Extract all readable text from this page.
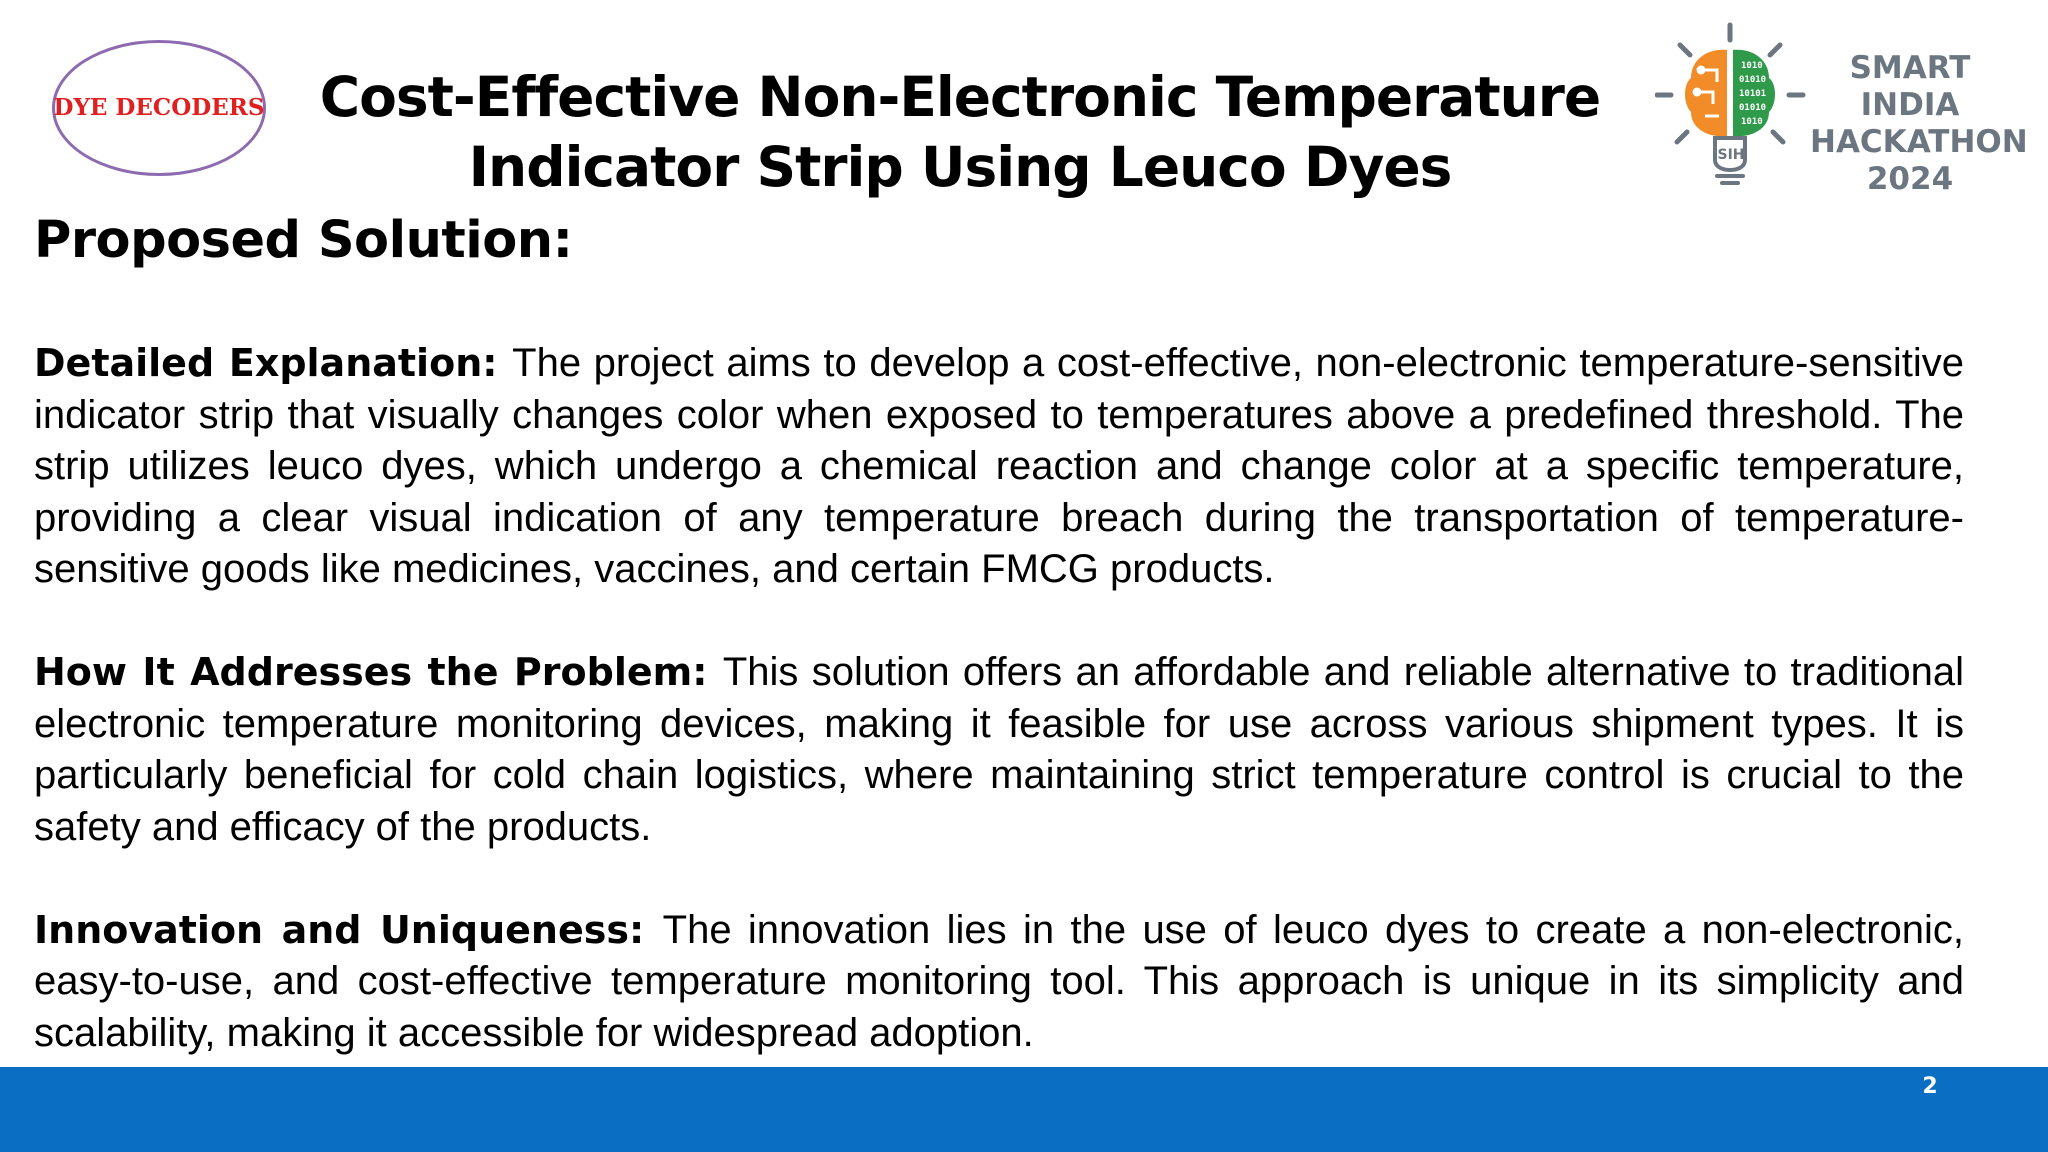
DYE DECODERS	Cost-Effective Non-Electronic Temperature Indicator Strip Using Leuco Dyes
1010
01010
10101
01010
1010
SIH
SMART INDIA
HACKATHON
2024
Proposed Solution:

Detailed Explanation: The project aims to develop a cost-effective, non-electronic temperature-sensitive indicator strip that visually changes color when exposed to temperatures above a predefined threshold. The strip utilizes leuco dyes, which undergo a chemical reaction and change color at a specific temperature, providing a clear visual indication of any temperature breach during the transportation of temperature-sensitive goods like medicines, vaccines, and certain FMCG products.

How It Addresses the Problem: This solution offers an affordable and reliable alternative to traditional electronic temperature monitoring devices, making it feasible for use across various shipment types. It is particularly beneficial for cold chain logistics, where maintaining strict temperature control is crucial to the safety and efficacy of the products.

Innovation and Uniqueness: The innovation lies in the use of leuco dyes to create a non-electronic, easy-to-use, and cost-effective temperature monitoring tool. This approach is unique in its simplicity and scalability, making it accessible for widespread adoption.

2
